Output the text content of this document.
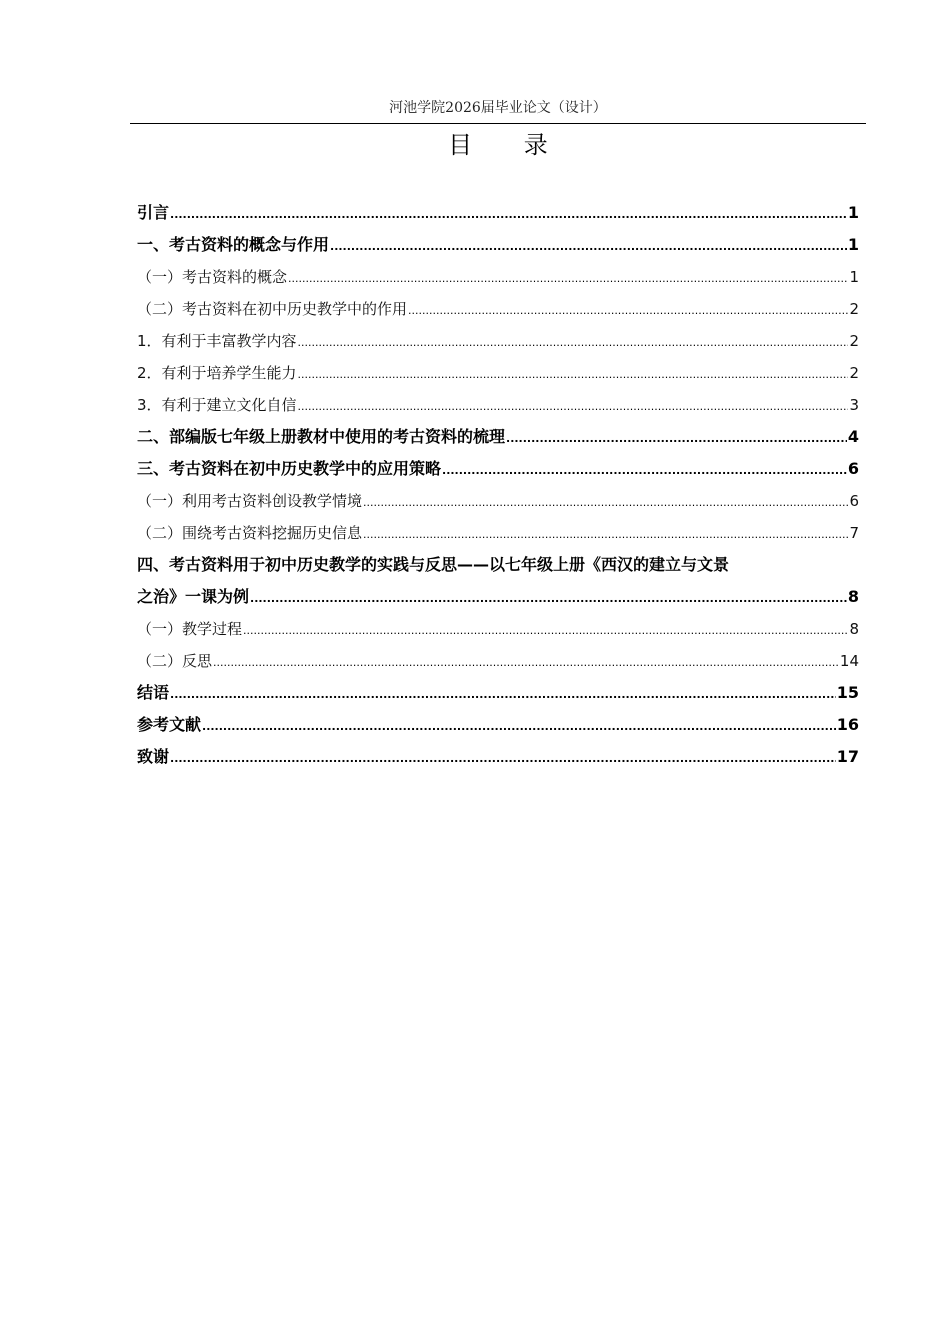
河池学院2026届毕业论文（设计）
目 录
引言 .....	1
一、考古资料的概念与作用 .....	1
（一）考古资料的概念 .....	1
（二）考古资料在初中历史教学中的作用 .....	2
1．有利于丰富教学内容 .....	2
2．有利于培养学生能力 .....	2
3．有利于建立文化自信 .....	3
二、部编版七年级上册教材中使用的考古资料的梳理 .....	4
三、考古资料在初中历史教学中的应用策略 .....	6
（一）利用考古资料创设教学情境 .....	6
（二）围绕考古资料挖掘历史信息 .....	7
四、考古资料用于初中历史教学的实践与反思——以七年级上册《西汉的建立与文景
之治》一课为例 .....	8
（一）教学过程 .....	8
（二）反思 .....	14
结语 .....	15
参考文献 .....	16
致谢 .....	17
